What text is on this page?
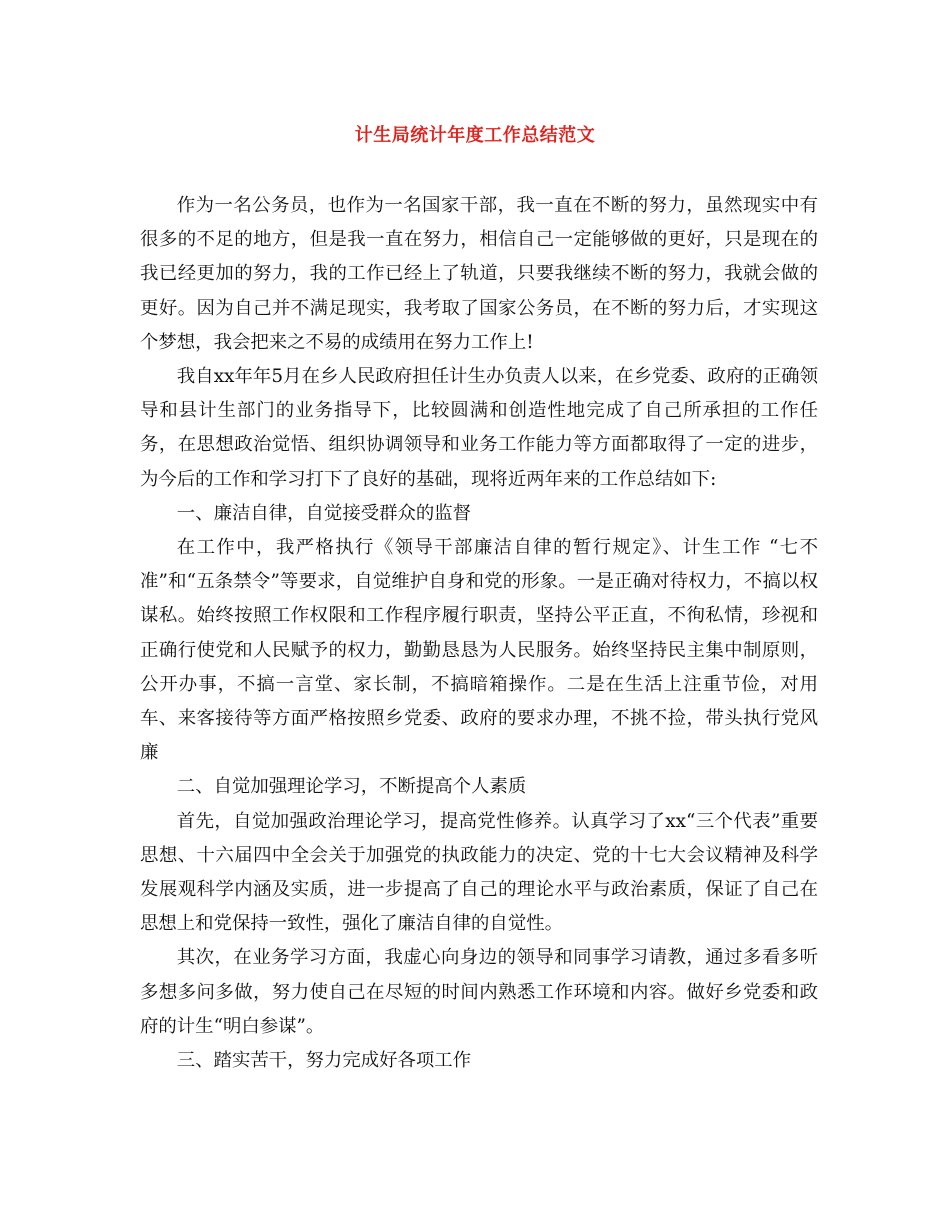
计生局统计年度工作总结范文

作为一名公务员，也作为一名国家干部，我一直在不断的努力，虽然现实中有很多的不足的地方，但是我一直在努力，相信自己一定能够做的更好，只是现在的我已经更加的努力，我的工作已经上了轨道，只要我继续不断的努力，我就会做的更好。因为自己并不满足现实，我考取了国家公务员，在不断的努力后，才实现这个梦想，我会把来之不易的成绩用在努力工作上!

我自xx年年5月在乡人民政府担任计生办负责人以来，在乡党委、政府的正确领导和县计生部门的业务指导下，比较圆满和创造性地完成了自己所承担的工作任务，在思想政治觉悟、组织协调领导和业务工作能力等方面都取得了一定的进步，为今后的工作和学习打下了良好的基础，现将近两年来的工作总结如下:

一、廉洁自律，自觉接受群众的监督

在工作中，我严格执行《领导干部廉洁自律的暂行规定》、计生工作 “七不准”和“五条禁令”等要求，自觉维护自身和党的形象。一是正确对待权力，不搞以权谋私。始终按照工作权限和工作程序履行职责，坚持公平正直，不徇私情，珍视和正确行使党和人民赋予的权力，勤勤恳恳为人民服务。始终坚持民主集中制原则，公开办事，不搞一言堂、家长制，不搞暗箱操作。二是在生活上注重节俭，对用车、来客接待等方面严格按照乡党委、政府的要求办理，不挑不捡，带头执行党风廉

二、自觉加强理论学习，不断提高个人素质

首先，自觉加强政治理论学习，提高党性修养。认真学习了xx“三个代表”重要思想、十六届四中全会关于加强党的执政能力的决定、党的十七大会议精神及科学发展观科学内涵及实质，进一步提高了自己的理论水平与政治素质，保证了自己在思想上和党保持一致性，强化了廉洁自律的自觉性。

其次，在业务学习方面，我虚心向身边的领导和同事学习请教，通过多看多听多想多问多做，努力使自己在尽短的时间内熟悉工作环境和内容。做好乡党委和政府的计生“明白参谋”。

三、踏实苦干，努力完成好各项工作
